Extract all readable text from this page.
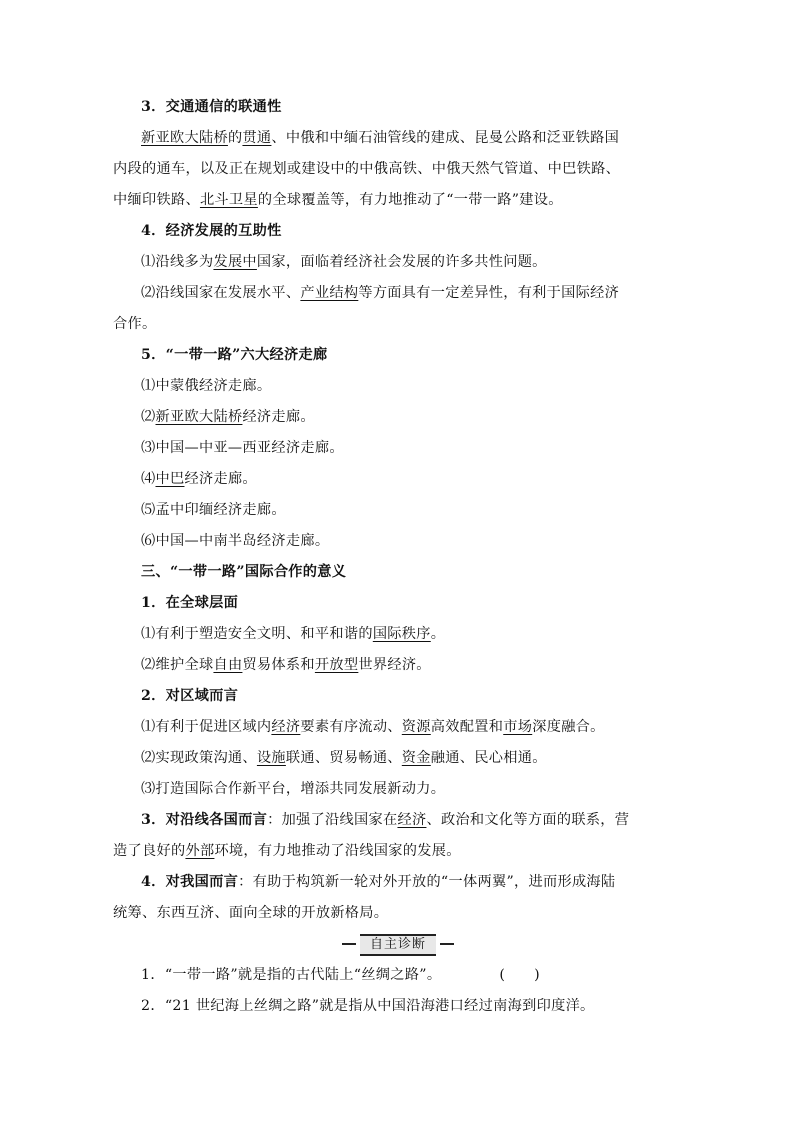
3．交通通信的联通性
新亚欧大陆桥的贯通、中俄和中缅石油管线的建成、昆曼公路和泛亚铁路国
内段的通车，以及正在规划或建设中的中俄高铁、中俄天然气管道、中巴铁路、
中缅印铁路、北斗卫星的全球覆盖等，有力地推动了“一带一路”建设。
4．经济发展的互助性
⑴沿线多为发展中国家，面临着经济社会发展的许多共性问题。
⑵沿线国家在发展水平、产业结构等方面具有一定差异性，有利于国际经济
合作。
5．“一带一路”六大经济走廊
⑴中蒙俄经济走廊。
⑵新亚欧大陆桥经济走廊。
⑶中国—中亚—西亚经济走廊。
⑷中巴经济走廊。
⑸孟中印缅经济走廊。
⑹中国—中南半岛经济走廊。
三、“一带一路”国际合作的意义
1．在全球层面
⑴有利于塑造安全文明、和平和谐的国际秩序。
⑵维护全球自由贸易体系和开放型世界经济。
2．对区域而言
⑴有利于促进区域内经济要素有序流动、资源高效配置和市场深度融合。
⑵实现政策沟通、设施联通、贸易畅通、资金融通、民心相通。
⑶打造国际合作新平台，增添共同发展新动力。
3．对沿线各国而言：加强了沿线国家在经济、政治和文化等方面的联系，营
造了良好的外部环境，有力地推动了沿线国家的发展。
4．对我国而言：有助于构筑新一轮对外开放的“一体两翼”，进而形成海陆
统筹、东西互济、面向全球的开放新格局。
自主诊断
1．“一带一路”就是指的古代陆上“丝绸之路”。	(　　)
2．“21 世纪海上丝绸之路”就是指从中国沿海港口经过南海到印度洋。
